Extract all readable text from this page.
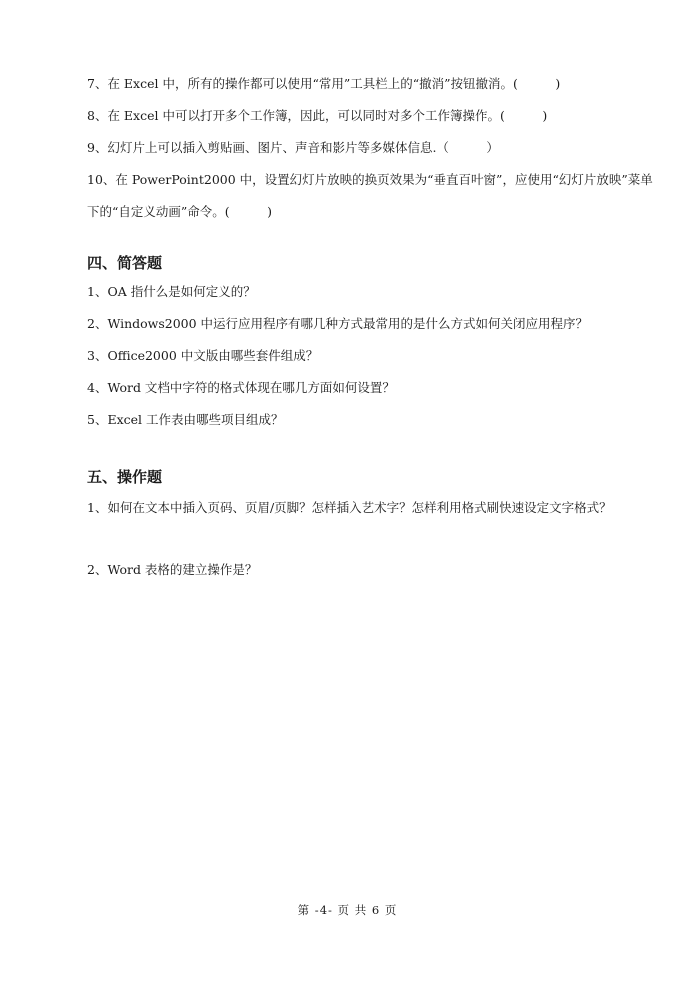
7、在 Excel 中，所有的操作都可以使用“常用”工具栏上的“撤消”按钮撤消。(　　　)

8、在 Excel 中可以打开多个工作簿，因此，可以同时对多个工作簿操作。(　　　)

9、幻灯片上可以插入剪贴画、图片、声音和影片等多媒体信息.（　　　）

10、在 PowerPoint2000 中，设置幻灯片放映的换页效果为“垂直百叶窗”，应使用“幻灯片放映”菜单下的“自定义动画”命令。(　　　)

四、简答题

1、OA 指什么是如何定义的？

2、Windows2000 中运行应用程序有哪几种方式最常用的是什么方式如何关闭应用程序？

3、Office2000 中文版由哪些套件组成？

4、Word 文档中字符的格式体现在哪几方面如何设置？

5、Excel 工作表由哪些项目组成？

五、操作题

1、如何在文本中插入页码、页眉/页脚？怎样插入艺术字？怎样利用格式刷快速设定文字格式？

2、Word 表格的建立操作是？

第 -4- 页 共 6 页
